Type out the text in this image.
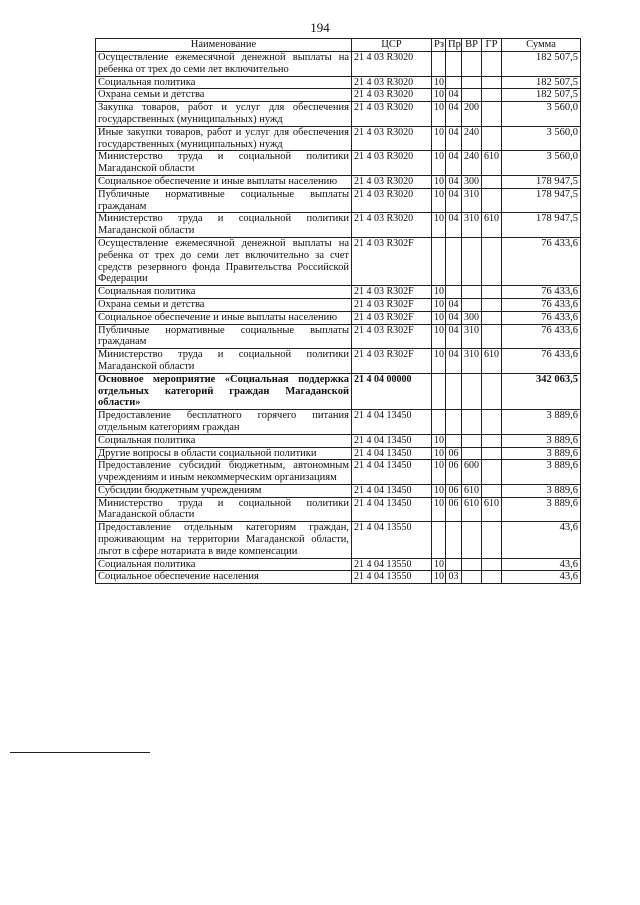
194
Наименование	ЦСР	Рз	Пр	ВР	ГР	Сумма
Осуществление ежемесячной денежной выплаты на ребенка от трех до семи лет включительно	21 4 03 R3020					182 507,5
Социальная политика	21 4 03 R3020	10				182 507,5
Охрана семьи и детства	21 4 03 R3020	10	04			182 507,5
Закупка товаров, работ и услуг для обеспечения государственных (муниципальных) нужд	21 4 03 R3020	10	04	200		3 560,0
Иные закупки товаров, работ и услуг для обеспечения государственных (муниципальных) нужд	21 4 03 R3020	10	04	240		3 560,0
Министерство труда и социальной политики Магаданской области	21 4 03 R3020	10	04	240	610	3 560,0
Социальное обеспечение и иные выплаты населению	21 4 03 R3020	10	04	300		178 947,5
Публичные нормативные социальные выплаты гражданам	21 4 03 R3020	10	04	310		178 947,5
Министерство труда и социальной политики Магаданской области	21 4 03 R3020	10	04	310	610	178 947,5
Осуществление ежемесячной денежной выплаты на ребенка от трех до семи лет включительно за счет средств резервного фонда Правительства Российской Федерации	21 4 03 R302F					76 433,6
Социальная политика	21 4 03 R302F	10				76 433,6
Охрана семьи и детства	21 4 03 R302F	10	04			76 433,6
Социальное обеспечение и иные выплаты населению	21 4 03 R302F	10	04	300		76 433,6
Публичные нормативные социальные выплаты гражданам	21 4 03 R302F	10	04	310		76 433,6
Министерство труда и социальной политики Магаданской области	21 4 03 R302F	10	04	310	610	76 433,6
Основное мероприятие «Социальная поддержка отдельных категорий граждан Магаданской области»	21 4 04 00000					342 063,5
Предоставление бесплатного горячего питания отдельным категориям граждан	21 4 04 13450					3 889,6
Социальная политика	21 4 04 13450	10				3 889,6
Другие вопросы в области социальной политики	21 4 04 13450	10	06			3 889,6
Предоставление субсидий бюджетным, автономным учреждениям и иным некоммерческим организациям	21 4 04 13450	10	06	600		3 889,6
Субсидии бюджетным учреждениям	21 4 04 13450	10	06	610		3 889,6
Министерство труда и социальной политики Магаданской области	21 4 04 13450	10	06	610	610	3 889,6
Предоставление отдельным категориям граждан, проживающим на территории Магаданской области, льгот в сфере нотариата в виде компенсации	21 4 04 13550					43,6
Социальная политика	21 4 04 13550	10				43,6
Социальное обеспечение населения	21 4 04 13550	10	03			43,6
